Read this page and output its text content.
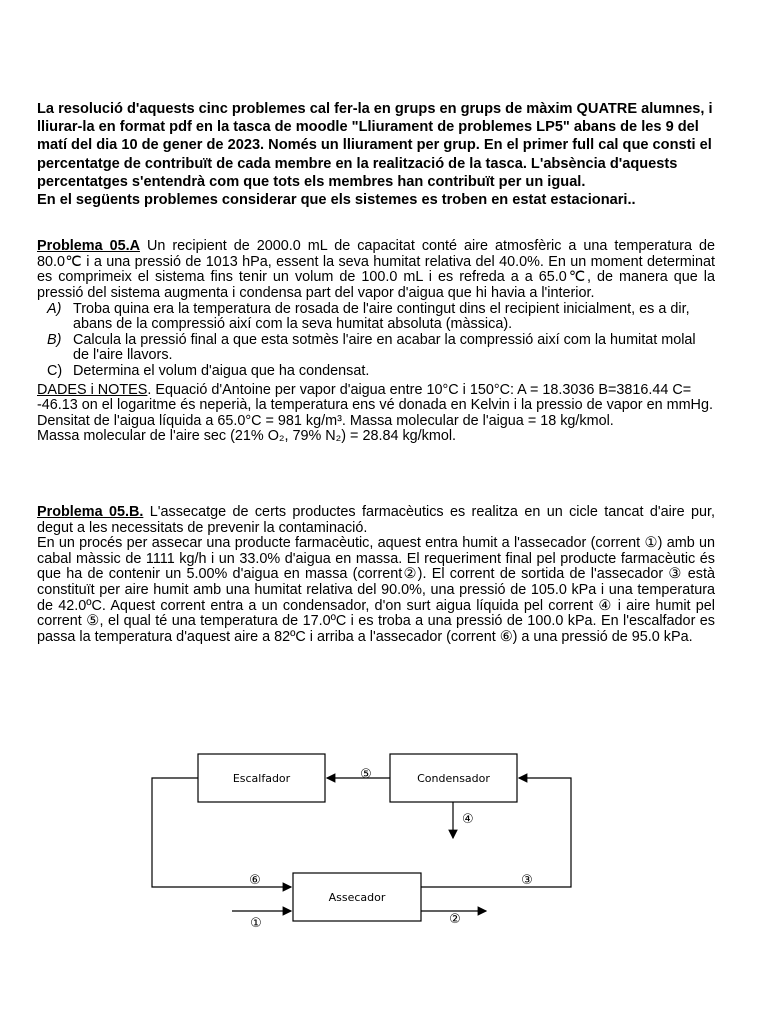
La resolució d'aquests cinc problemes cal fer-la en grups en grups de màxim QUATRE alumnes, i lliurar-la en format pdf en la tasca de moodle "Lliurament de problemes LP5" abans de les 9 del matí del dia 10 de gener de 2023. Només un lliurament per grup. En el primer full cal que consti el percentatge de contribuït de cada membre en la realització de la tasca. L'absència d'aquests percentatges s'entendrà com que tots els membres han contribuït per un igual.

En el següents problemes considerar que els sistemes es troben en estat estacionari..

Problema 05.A Un recipient de 2000.0 mL de capacitat conté aire atmosfèric a una temperatura de 80.0℃ i a una pressió de 1013 hPa, essent la seva humitat relativa del 40.0%. En un moment determinat es comprimeix el sistema fins tenir un volum de 100.0 mL i es refreda a a 65.0℃, de manera que la pressió del sistema augmenta i condensa part del vapor d'aigua que hi havia a l'interior.

A) Troba quina era la temperatura de rosada de l'aire contingut dins el recipient inicialment, es a dir, abans de la compressió així com la seva humitat absoluta (màssica).
B) Calcula la pressió final a que esta sotmès l'aire en acabar la compressió així com la humitat molal de l'aire llavors.
C) Determina el volum d'aigua que ha condensat.

DADES i NOTES. Equació d'Antoine per vapor d'aigua entre 10°C i 150°C: A = 18.3036 B=3816.44 C= -46.13 on el logaritme és neperià, la temperatura ens vé donada en Kelvin i la pressio de vapor en mmHg.

Densitat de l'aigua líquida a 65.0°C = 981 kg/m³. Massa molecular de l'aigua = 18 kg/kmol.

Massa molecular de l'aire sec (21% O₂, 79% N₂) = 28.84 kg/kmol.

Problema 05.B. L'assecatge de certs productes farmacèutics es realitza en un cicle tancat d'aire pur, degut a les necessitats de prevenir la contaminació.

En un procés per assecar una producte farmacèutic, aquest entra humit a l'assecador (corrent ①) amb un cabal màssic de 1111 kg/h i un 33.0% d'aigua en massa. El requeriment final pel producte farmacèutic és que ha de contenir un 5.00% d'aigua en massa (corrent②). El corrent de sortida de l'assecador ③ està constituït per aire humit amb una humitat relativa del 90.0%, una pressió de 105.0 kPa i una temperatura de 42.0ºC. Aquest corrent entra a un condensador, d'on surt aigua líquida pel corrent ④ i aire humit pel corrent ⑤, el qual té una temperatura de 17.0ºC i es troba a una pressió de 100.0 kPa. En l'escalfador es passa la temperatura d'aquest aire a 82ºC i arriba a l'assecador (corrent ⑥) a una pressió de 95.0 kPa.

Escalfador	Condensador
Assecador
⑤
④
⑥	③
①	②
